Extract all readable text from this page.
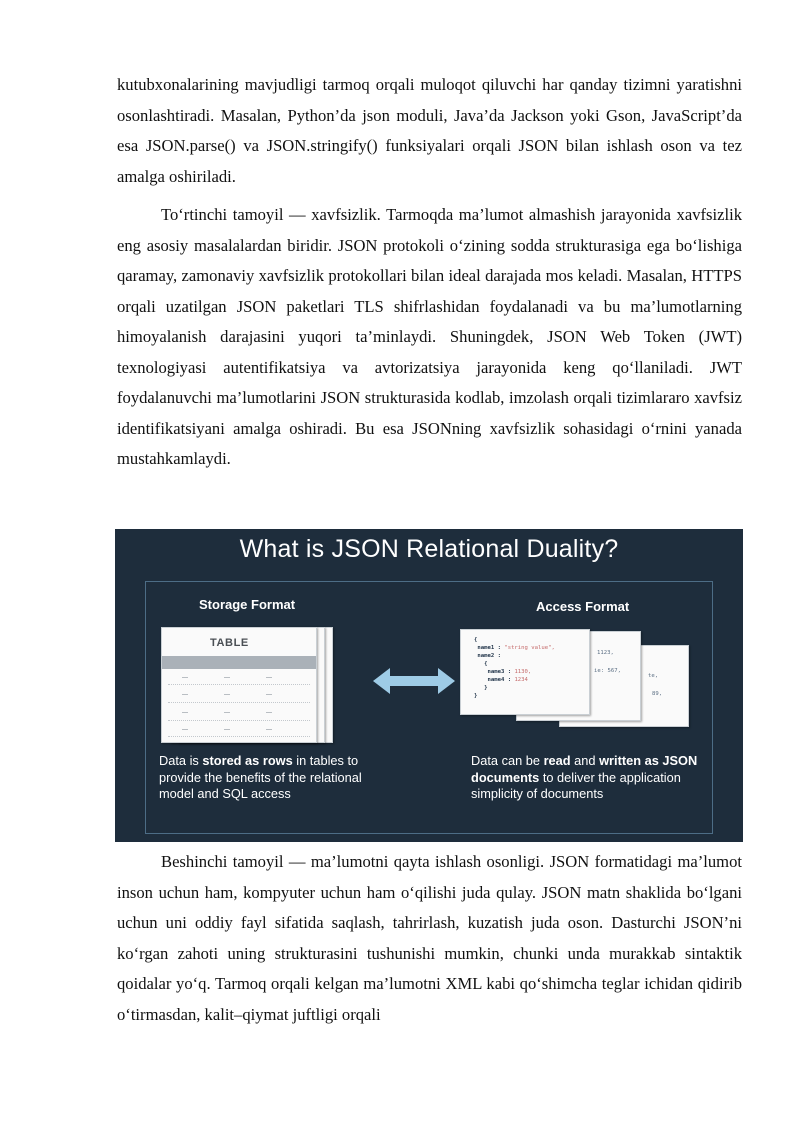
kutubxonalarining mavjudligi tarmoq orqali muloqot qiluvchi har qanday tizimni yaratishni osonlashtiradi. Masalan, Python’da json moduli, Java’da Jackson yoki Gson, JavaScript’da esa JSON.parse() va JSON.stringify() funksiyalari orqali JSON bilan ishlash oson va tez amalga oshiriladi.

To‘rtinchi tamoyil — xavfsizlik. Tarmoqda ma’lumot almashish jarayonida xavfsizlik eng asosiy masalalardan biridir. JSON protokoli o‘zining sodda strukturasiga ega bo‘lishiga qaramay, zamonaviy xavfsizlik protokollari bilan ideal darajada mos keladi. Masalan, HTTPS orqali uzatilgan JSON paketlari TLS shifrlashidan foydalanadi va bu ma’lumotlarning himoyalanish darajasini yuqori ta’minlaydi. Shuningdek, JSON Web Token (JWT) texnologiyasi autentifikatsiya va avtorizatsiya jarayonida keng qo‘llaniladi. JWT foydalanuvchi ma’lumotlarini JSON strukturasida kodlab, imzolash orqali tizimlararo xavfsiz identifikatsiyani amalga oshiradi. Bu esa JSONning xavfsizlik sohasidagi o‘rnini yanada mustahkamlaydi.

What is JSON Relational Duality?
Storage Format	Access Format
TABLE
te,
89,
1123,
ie: 567,
{
name1 : "string value",
name2 :
{
name3 : 1130,
name4 : 1234
}
}
Data is stored as rows in tables to provide the benefits of the relational model and SQL access
Data can be read and written as JSON documents to deliver the application simplicity of documents

Beshinchi tamoyil — ma’lumotni qayta ishlash osonligi. JSON formatidagi ma’lumot inson uchun ham, kompyuter uchun ham o‘qilishi juda qulay. JSON matn shaklida bo‘lgani uchun uni oddiy fayl sifatida saqlash, tahrirlash, kuzatish juda oson. Dasturchi JSON’ni ko‘rgan zahoti uning strukturasini tushunishi mumkin, chunki unda murakkab sintaktik qoidalar yo‘q. Tarmoq orqali kelgan ma’lumotni XML kabi qo‘shimcha teglar ichidan qidirib o‘tirmasdan, kalit–qiymat juftligi orqali
